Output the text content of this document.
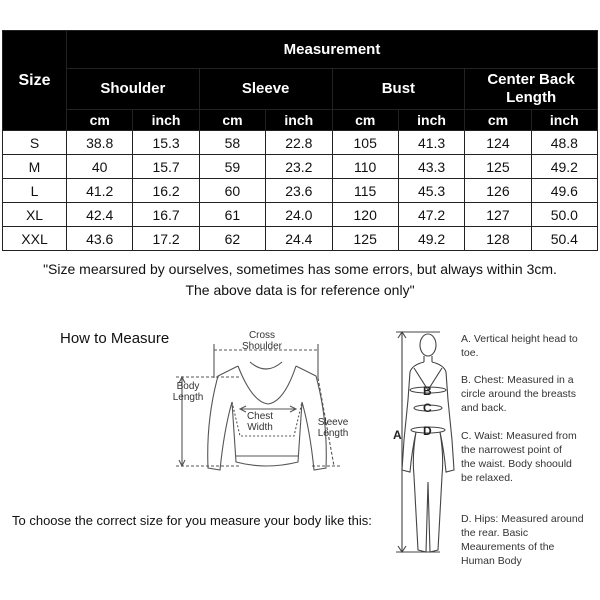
Size	Measurement							
	Shoulder		Sleeve		Bust		Center Back Length	
	cm	inch	cm	inch	cm	inch	cm	inch
S	38.8	15.3	58	22.8	105	41.3	124	48.8
M	40	15.7	59	23.2	110	43.3	125	49.2
L	41.2	16.2	60	23.6	115	45.3	126	49.6
XL	42.4	16.7	61	24.0	120	47.2	127	50.0
XXL	43.6	17.2	62	24.4	125	49.2	128	50.4
"Size mearsured by ourselves, sometimes has some errors, but always within 3cm.
The above data is for reference only"
How to Measure	Cross Shoulder
Body Length
Chest Width	Sleeve Length
To choose the correct size for you measure your body like this:
A
B
C
D
A. Vertical height head to toe.
B. Chest: Measured in a circle around the breasts and back.
C. Waist: Measured from the narrowest point of the waist. Body shoould be relaxed.
D. Hips: Measured around the rear. Basic Meaurements of the Human Body
